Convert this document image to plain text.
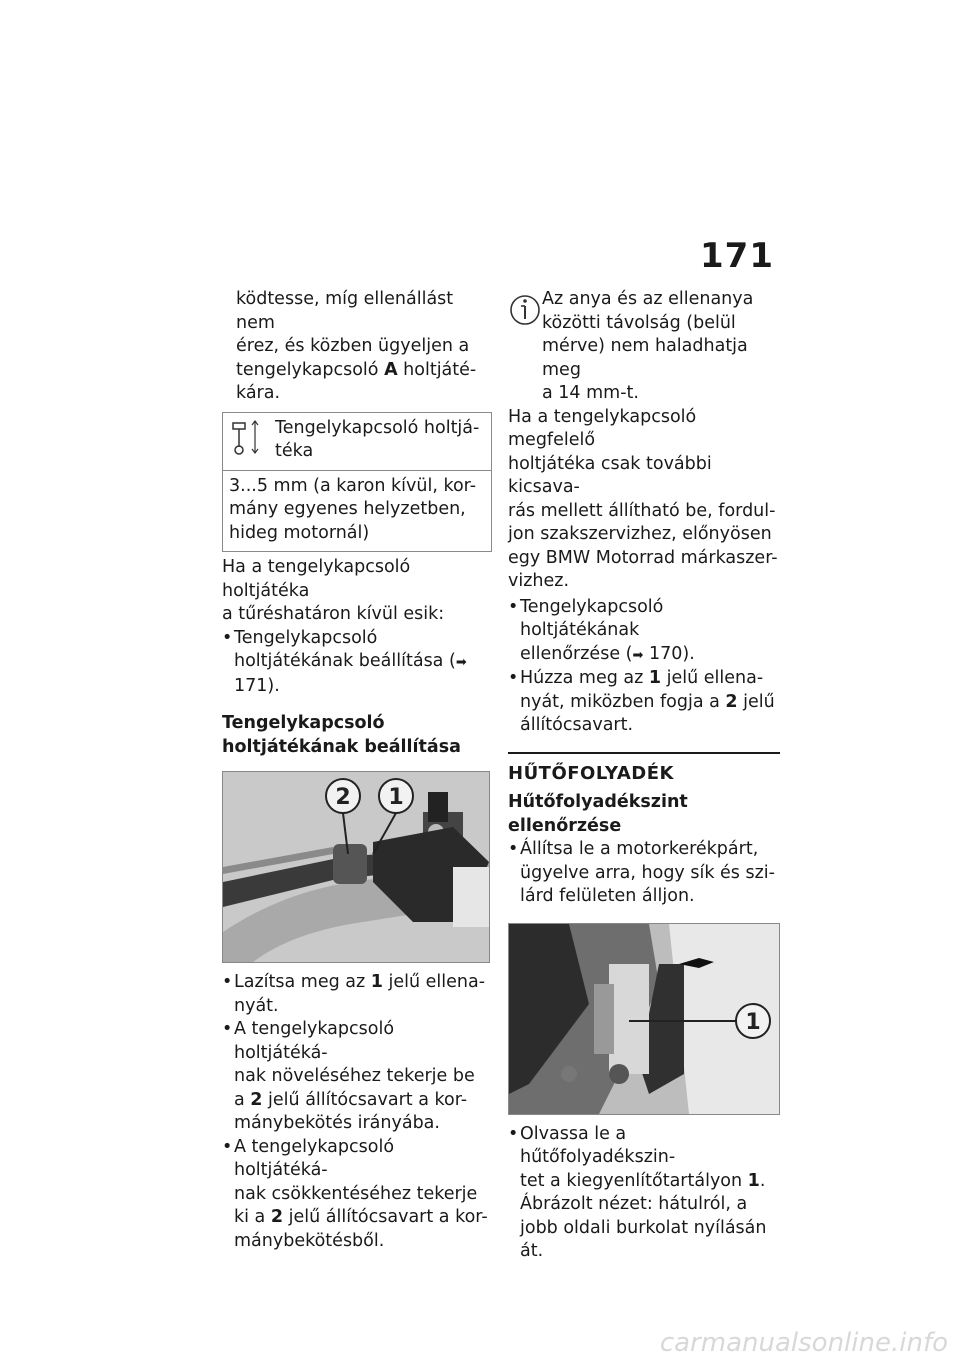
171

ködtesse, míg ellenállást nem
érez, és közben ügyeljen a
tengelykapcsoló A holtjáté-
kára.

Tengelykapcsoló holtjá-
téka
3...5 mm (a karon kívül, kor-
mány egyenes helyzetben,
hideg motornál)

Ha a tengelykapcsoló holtjátéka
a tűréshatáron kívül esik:

• Tengelykapcsoló holtjátékának beállítása (➡ 171).

Tengelykapcsoló
holtjátékának beállítása

2 1
• Lazítsa meg az 1 jelű ellena-
nyát.
• A tengelykapcsoló holtjátéká-
nak növeléséhez tekerje be
a 2 jelű állítócsavart a kor-
mánybekötés irányába.
• A tengelykapcsoló holtjátéká-
nak csökkentéséhez tekerje
ki a 2 jelű állítócsavart a kor-
mánybekötésből.
Az anya és az ellenanya
közötti távolság (belül
mérve) nem haladhatja meg
a 14 mm-t.

Ha a tengelykapcsoló megfelelő
holtjátéka csak további kicsava-
rás mellett állítható be, fordul-
jon szakszervizhez, előnyösen
egy BMW Motorrad márkaszer-
vizhez.

• Tengelykapcsoló holtjátékának
ellenőrzése (➡ 170).
• Húzza meg az 1 jelű ellena-
nyát, miközben fogja a 2 jelű
állítócsavart.
HŰTŐFOLYADÉK

Hűtőfolyadékszint ellenőrzése

• Állítsa le a motorkerékpárt,
ügyelve arra, hogy sík és szi-
lárd felületen álljon.
1
• Olvassa le a hűtőfolyadékszin-
tet a kiegyenlítőtartályon 1.
Ábrázolt nézet: hátulról, a
jobb oldali burkolat nyílásán
át.
carmanualsonline.info
